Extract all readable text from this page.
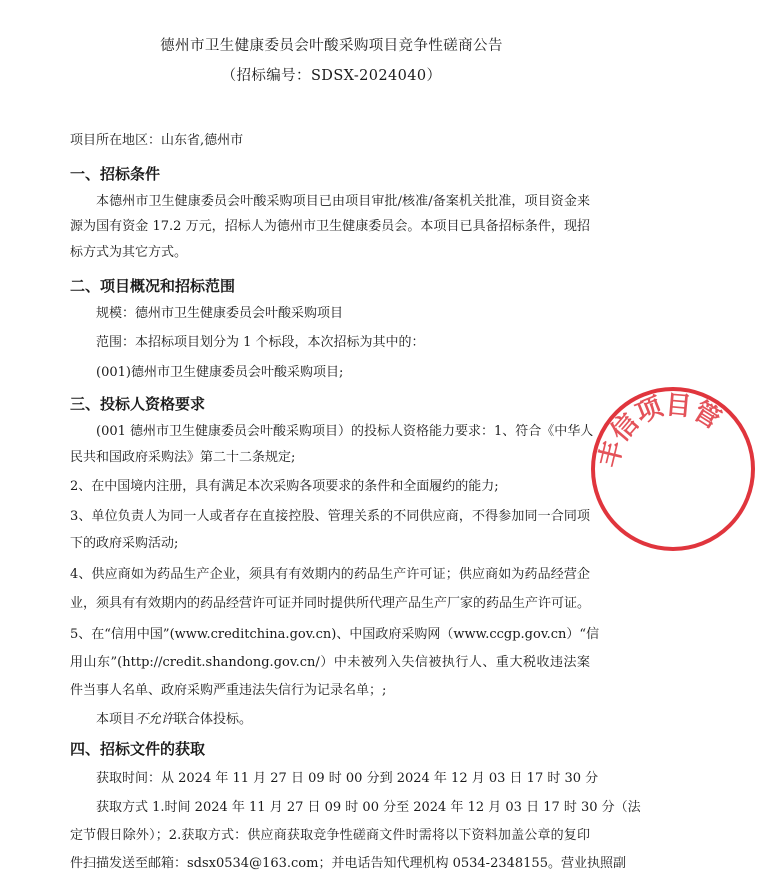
德州市卫生健康委员会叶酸采购项目竞争性磋商公告
（招标编号：SDSX-2024040）
项目所在地区：山东省,德州市
一、招标条件
本德州市卫生健康委员会叶酸采购项目已由项目审批/核准/备案机关批准，项目资金来
源为国有资金 17.2 万元，招标人为德州市卫生健康委员会。本项目已具备招标条件，现招
标方式为其它方式。
二、项目概况和招标范围
规模：德州市卫生健康委员会叶酸采购项目
范围：本招标项目划分为 1 个标段，本次招标为其中的：
(001)德州市卫生健康委员会叶酸采购项目;
三、投标人资格要求
(001 德州市卫生健康委员会叶酸采购项目）的投标人资格能力要求：1、符合《中华人
民共和国政府采购法》第二十二条规定;
2、在中国境内注册，具有满足本次采购各项要求的条件和全面履约的能力;
3、单位负责人为同一人或者存在直接控股、管理关系的不同供应商，不得参加同一合同项
下的政府采购活动;
4、供应商如为药品生产企业，须具有有效期内的药品生产许可证；供应商如为药品经营企
业，须具有有效期内的药品经营许可证并同时提供所代理产品生产厂家的药品生产许可证。
5、在“信用中国”(www.creditchina.gov.cn)、中国政府采购网（www.ccgp.gov.cn）“信
用山东”(http://credit.shandong.gov.cn/）中未被列入失信被执行人、重大税收违法案
件当事人名单、政府采购严重违法失信行为记录名单；;
本项目不允许联合体投标。
四、招标文件的获取
获取时间：从 2024 年 11 月 27 日 09 时 00 分到 2024 年 12 月 03 日 17 时 30 分
获取方式 1.时间 2024 年 11 月 27 日 09 时 00 分至 2024 年 12 月 03 日 17 时 30 分（法
定节假日除外）；2.获取方式：供应商获取竞争性磋商文件时需将以下资料加盖公章的复印
件扫描发送至邮箱：sdsx0534@163.com；并电话告知代理机构 0534-2348155。营业执照副
丰信项目管
